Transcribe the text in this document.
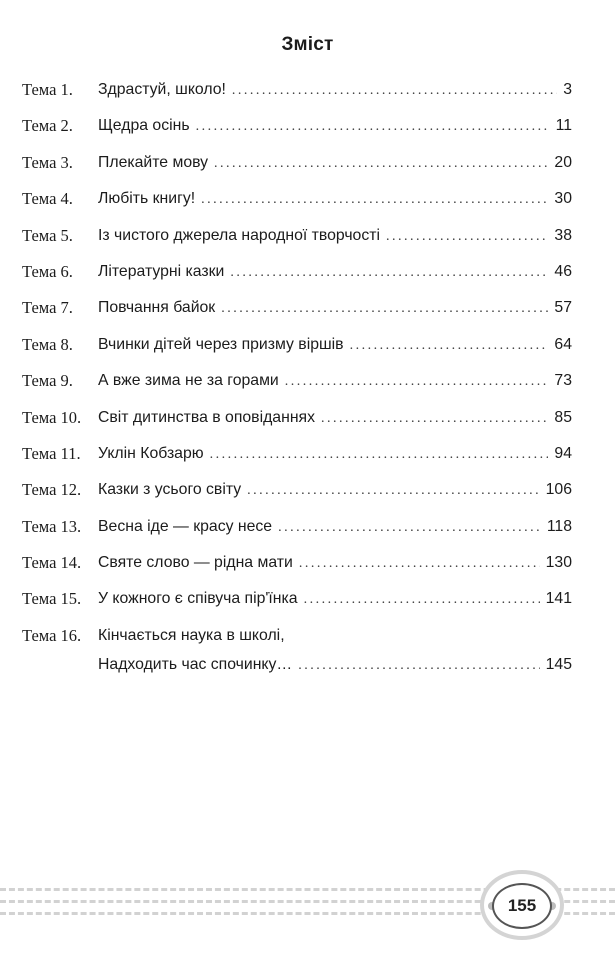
Зміст
Тема 1. Здрастуй, школо! . . .	3
Тема 2. Щедра осінь . . .	11
Тема 3. Плекайте мову . . .	20
Тема 4. Любіть книгу! . . .	30
Тема 5. Із чистого джерела народної творчості . . .	38
Тема 6. Літературні казки . . .	46
Тема 7. Повчання байок . . .	57
Тема 8. Вчинки дітей через призму віршів . . .	64
Тема 9. А вже зима не за горами . . .	73
Тема 10. Світ дитинства в оповіданнях . . .	85
Тема 11. Уклін Кобзарю . . .	94
Тема 12. Казки з усього світу . . .	106
Тема 13. Весна іде — красу несе . . .	118
Тема 14. Святе слово — рідна мати . . .	130
Тема 15. У кожного є співуча пір'їнка . . .	141
Тема 16. Кінчається наука в школі,
Надходить час спочинку… . . .	145
155
